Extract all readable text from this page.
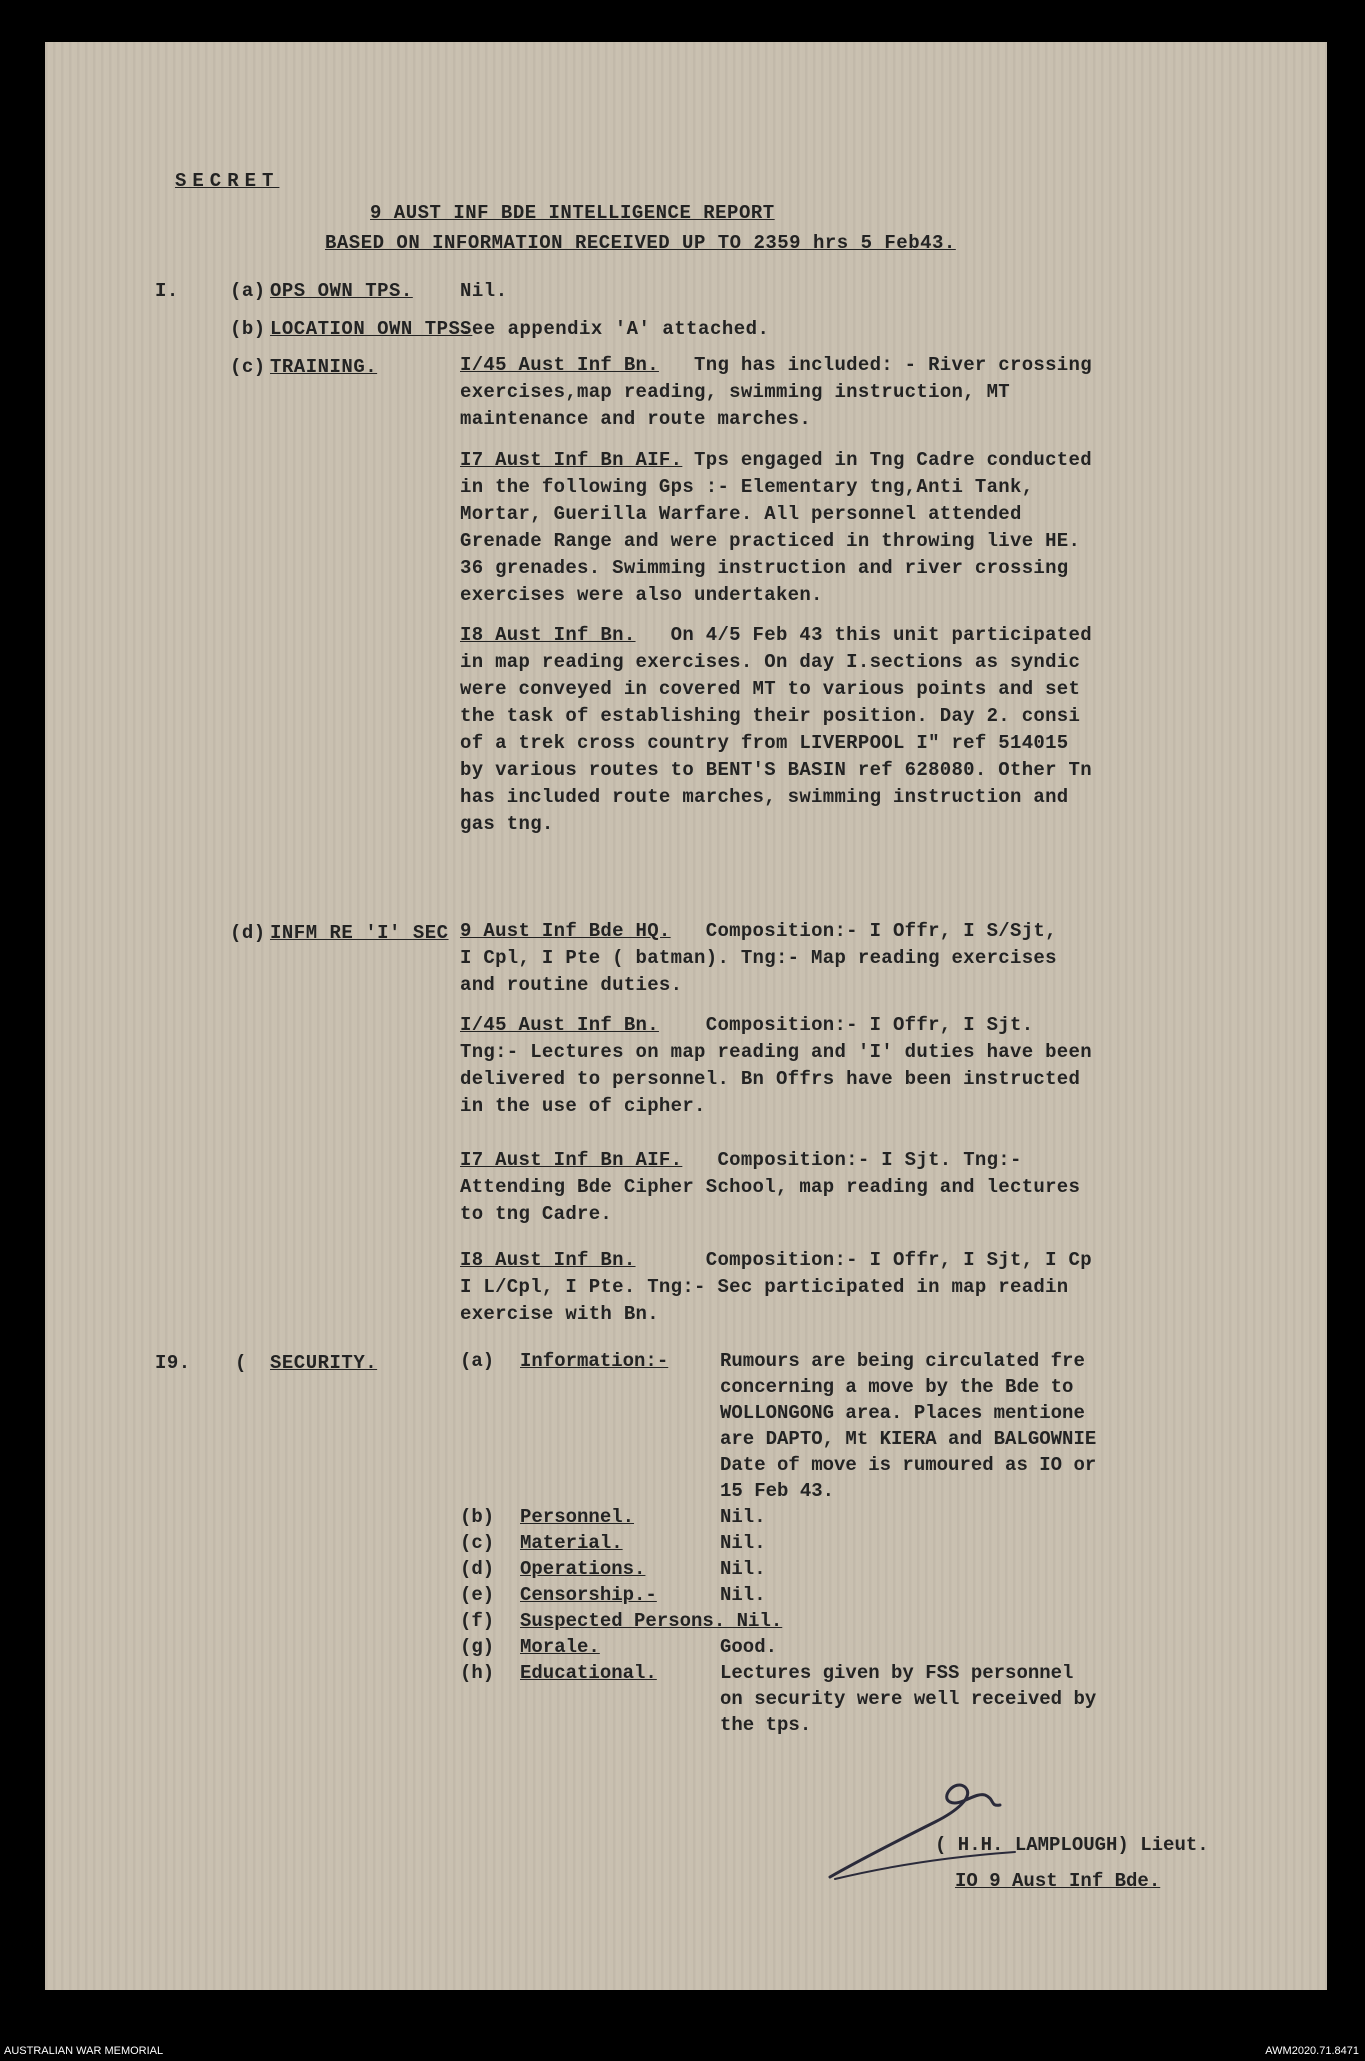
SECRET
9 AUST INF BDE INTELLIGENCE REPORT
BASED ON INFORMATION RECEIVED UP TO 2359 hrs 5 Feb43.
I.	(a) OPS OWN TPS. Nil.
(b) LOCATION OWN TPS.
See appendix 'A' attached.
(c) TRAINING.	I/45 Aust Inf Bn. Tng has included: - River crossing
exercises,map reading, swimming instruction, MT
maintenance and route marches.
I7 Aust Inf Bn AIF. Tps engaged in Tng Cadre conducted
in the following Gps :- Elementary tng,Anti Tank,
Mortar, Guerilla Warfare. All personnel attended
Grenade Range and were practiced in throwing live HE.
36 grenades. Swimming instruction and river crossing
exercises were also undertaken.
I8 Aust Inf Bn. On 4/5 Feb 43 this unit participated
in map reading exercises. On day I.sections as syndic
were conveyed in covered MT to various points and set
the task of establishing their position. Day 2. consi
of a trek cross country from LIVERPOOL I" ref 514015
by various routes to BENT'S BASIN ref 628080. Other Tn
has included route marches, swimming instruction and
gas tng.
(d) INFM RE 'I' SEC 9 Aust Inf Bde HQ. Composition:- I Offr, I S/Sjt,
I Cpl, I Pte ( batman). Tng:- Map reading exercises
and routine duties.
I/45 Aust Inf Bn. Composition:- I Offr, I Sjt.
Tng:- Lectures on map reading and 'I' duties have been
delivered to personnel. Bn Offrs have been instructed
in the use of cipher.
I7 Aust Inf Bn AIF. Composition:- I Sjt. Tng:-
Attending Bde Cipher School, map reading and lectures
to tng Cadre.
I8 Aust Inf Bn.	Composition:- I Offr, I Sjt, I Cp
I L/Cpl, I Pte. Tng:- Sec participated in map readin
exercise with Bn.
I9. ( SECURITY.	(a)	Information:-	Rumours are being circulated fre
concerning a move by the Bde to
WOLLONGONG area. Places mentione
are DAPTO, Mt KIERA and BALGOWNIE
Date of move is rumoured as IO or
15 Feb 43.
(b)	Personnel.	Nil.
(c)	Material.	Nil.
(d)	Operations.	Nil.
(e)	Censorship.-	Nil.
(f)	Suspected Persons. Nil.
(g)	Morale.	Good.
(h)	Educational.	Lectures given by FSS personnel
on security were well received by
the tps.
( H.H. LAMPLOUGH) Lieut.
IO 9 Aust Inf Bde.
AUSTRALIAN WAR MEMORIAL	AWM2020.71.8471
